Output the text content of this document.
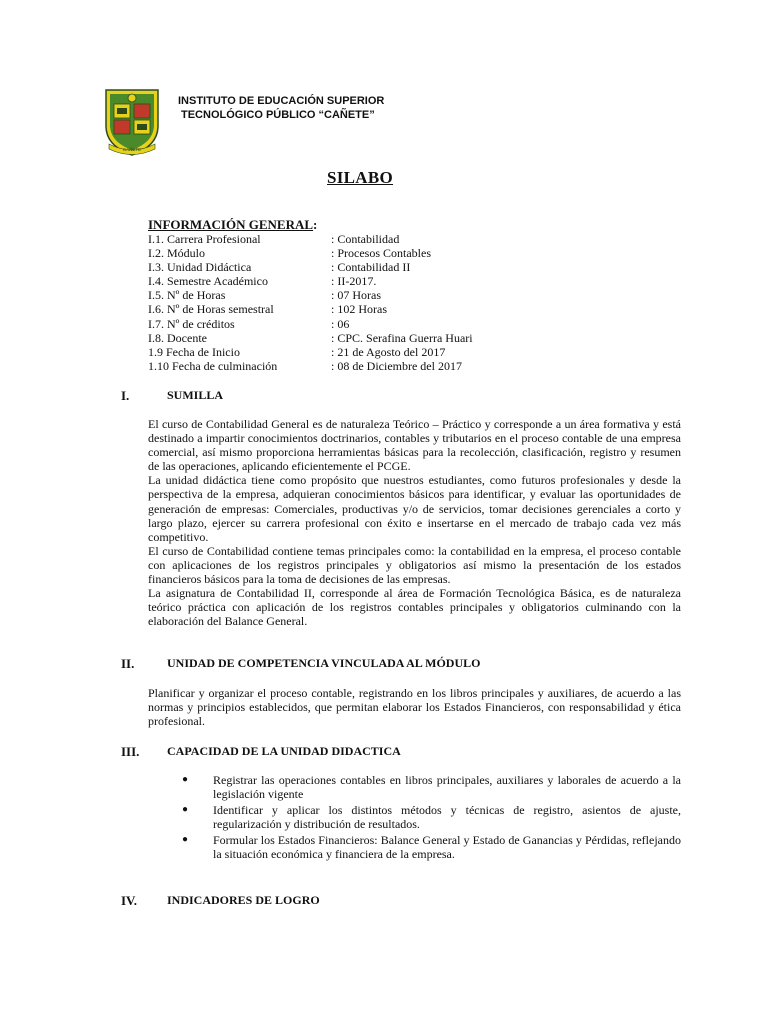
CAÑETE
INSTITUTO DE EDUCACIÓN SUPERIOR
TECNOLÓGICO PÚBLICO “CAÑETE”
SILABO
INFORMACIÓN GENERAL:
I.1. Carrera Profesional	: Contabilidad
I.2. Módulo	: Procesos Contables
I.3. Unidad Didáctica	: Contabilidad II
I.4. Semestre Académico	: II-2017.
I.5. Nº de Horas	: 07 Horas
I.6. Nº de Horas semestral	: 102 Horas
I.7. Nº de créditos	: 06
I.8. Docente	: CPC. Serafina Guerra Huari
1.9 Fecha de Inicio	: 21 de Agosto del 2017
1.10 Fecha de culminación	: 08 de Diciembre del 2017
I.	SUMILLA

El curso de Contabilidad General es de naturaleza Teórico – Práctico y corresponde a un área formativa y está destinado a impartir conocimientos doctrinarios, contables y tributarios en el proceso contable de una empresa comercial, así mismo proporciona herramientas básicas para la recolección, clasificación, registro y resumen de las operaciones, aplicando eficientemente el PCGE.

La unidad didáctica tiene como propósito que nuestros estudiantes, como futuros profesionales y desde la perspectiva de la empresa, adquieran conocimientos básicos para identificar, y evaluar las oportunidades de generación de empresas: Comerciales, productivas y/o de servicios, tomar decisiones gerenciales a corto y largo plazo, ejercer su carrera profesional con éxito e insertarse en el mercado de trabajo cada vez más competitivo.

El curso de Contabilidad contiene temas principales como: la contabilidad en la empresa, el proceso contable con aplicaciones de los registros principales y obligatorios así mismo la presentación de los estados financieros básicos para la toma de decisiones de las empresas.

La asignatura de Contabilidad II, corresponde al área de Formación Tecnológica Básica, es de naturaleza teórico práctica con aplicación de los registros contables principales y obligatorios culminando con la elaboración del Balance General.

II.	UNIDAD DE COMPETENCIA VINCULADA AL MÓDULO

Planificar y organizar el proceso contable, registrando en los libros principales y auxiliares, de acuerdo a las normas y principios establecidos, que permitan elaborar los Estados Financieros, con responsabilidad y ética profesional.

III. CAPACIDAD DE LA UNIDAD DIDACTICA
● Registrar las operaciones contables en libros principales, auxiliares y laborales de acuerdo a la legislación vigente
● Identificar y aplicar los distintos métodos y técnicas de registro, asientos de ajuste, regularización y distribución de resultados.
● Formular los Estados Financieros: Balance General y Estado de Ganancias y Pérdidas, reflejando la situación económica y financiera de la empresa.
IV. INDICADORES DE LOGRO
